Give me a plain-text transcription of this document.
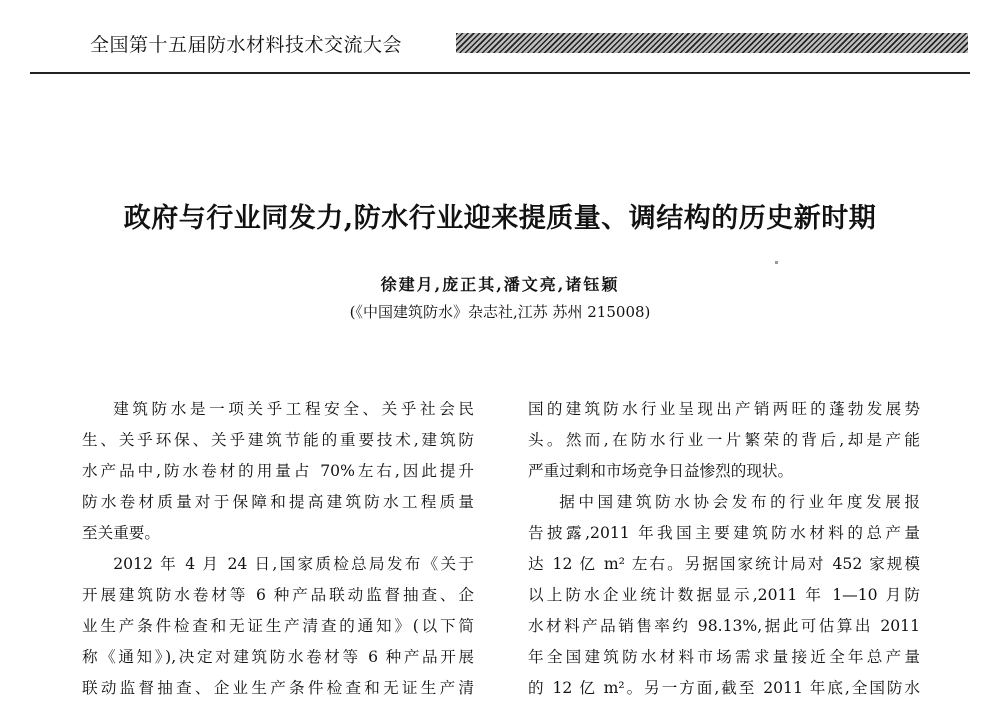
全国第十五届防水材料技术交流大会
政府与行业同发力,防水行业迎来提质量、调结构的历史新时期
徐建月,庞正其,潘文亮,诸钰颖
(《中国建筑防水》杂志社,江苏 苏州 215008)
建筑防水是一项关乎工程安全、关乎社会民
生、关乎环保、关乎建筑节能的重要技术,建筑防
水产品中,防水卷材的用量占 70%左右,因此提升
防水卷材质量对于保障和提高建筑防水工程质量
至关重要。
2012 年 4 月 24 日,国家质检总局发布《关于
开展建筑防水卷材等 6 种产品联动监督抽查、企
业生产条件检查和无证生产清查的通知》(以下简
称《通知》),决定对建筑防水卷材等 6 种产品开展
联动监督抽查、企业生产条件检查和无证生产清
国的建筑防水行业呈现出产销两旺的蓬勃发展势
头。然而,在防水行业一片繁荣的背后,却是产能
严重过剩和市场竞争日益惨烈的现状。
据中国建筑防水协会发布的行业年度发展报
告披露,2011 年我国主要建筑防水材料的总产量
达 12 亿 m² 左右。另据国家统计局对 452 家规模
以上防水企业统计数据显示,2011 年 1—10 月防
水材料产品销售率约 98.13%,据此可估算出 2011
年全国建筑防水材料市场需求量接近全年总产量
的 12 亿 m²。另一方面,截至 2011 年底,全国防水
